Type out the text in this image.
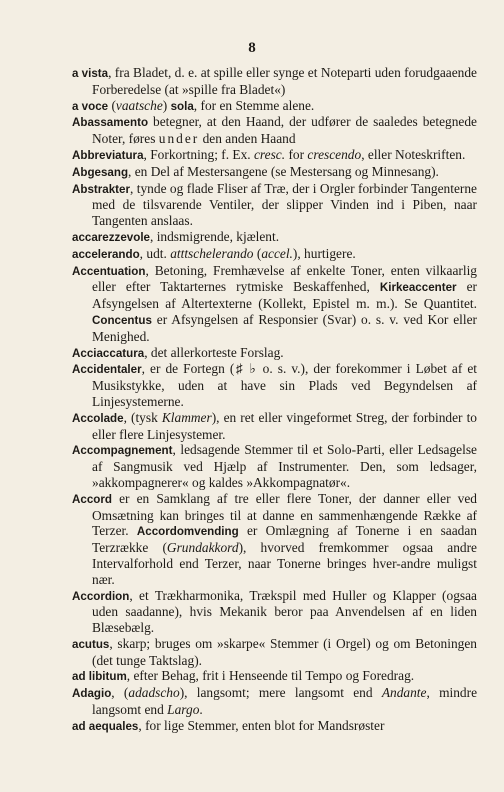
8
a vista, fra Bladet, d. e. at spille eller synge et Noteparti uden forudgaaende Forberedelse (at »spille fra Bladet«)
a voce (vaatsche) sola, for en Stemme alene.
Abassamento betegner, at den Haand, der udfører de saaledes betegnede Noter, føres under den anden Haand
Abbreviatura, Forkortning; f. Ex. cresc. for crescendo, eller Noteskriften.
Abgesang, en Del af Mestersangene (se Mestersang og Minnesang).
Abstrakter, tynde og flade Fliser af Træ, der i Orgler forbinder Tangenterne med de tilsvarende Ventiler, der slipper Vinden ind i Piben, naar Tangenten anslaas.
accarezzevole, indsmigrende, kjælent.
accelerando, udt. atttschelerando (accel.), hurtigere.
Accentuation, Betoning, Fremhævelse af enkelte Toner, enten vilkaarlig eller efter Taktarternes rytmiske Beskaffenhed, Kirkeaccenter er Afsyngelsen af Altertexterne (Kollekt, Epistel m. m.). Se Quantitet. Concentus er Afsyngelsen af Responsier (Svar) o. s. v. ved Kor eller Menighed.
Acciaccatura, det allerkorteste Forslag.
Accidentaler, er de Fortegn (♯ ♭ o. s. v.), der forekommer i Løbet af et Musikstykke, uden at have sin Plads ved Begyndelsen af Linjesystemerne.
Accolade, (tysk Klammer), en ret eller vingeformet Streg, der forbinder to eller flere Linjesystemer.
Accompagnement, ledsagende Stemmer til et Solo-Parti, eller Ledsagelse af Sangmusik ved Hjælp af Instrumenter. Den, som ledsager, »akkompagnerer« og kaldes »Akkompagnatør«.
Accord er en Samklang af tre eller flere Toner, der danner eller ved Omsætning kan bringes til at danne en sammenhængende Række af Terzer. Accordomvending er Omlægning af Tonerne i en saadan Terzrække (Grundakkord), hvorved fremkommer ogsaa andre Intervalforhold end Terzer, naar Tonerne bringes hver-andre muligst nær.
Accordion, et Trækharmonika, Trækspil med Huller og Klapper (ogsaa uden saadanne), hvis Mekanik beror paa Anvendelsen af en liden Blæsebælg.
acutus, skarp; bruges om »skarpe« Stemmer (i Orgel) og om Betoningen (det tunge Taktslag).
ad libitum, efter Behag, frit i Henseende til Tempo og Foredrag.
Adagio, (adadscho), langsomt; mere langsomt end Andante, mindre langsomt end Largo.
ad aequales, for lige Stemmer, enten blot for Mandsrøster
